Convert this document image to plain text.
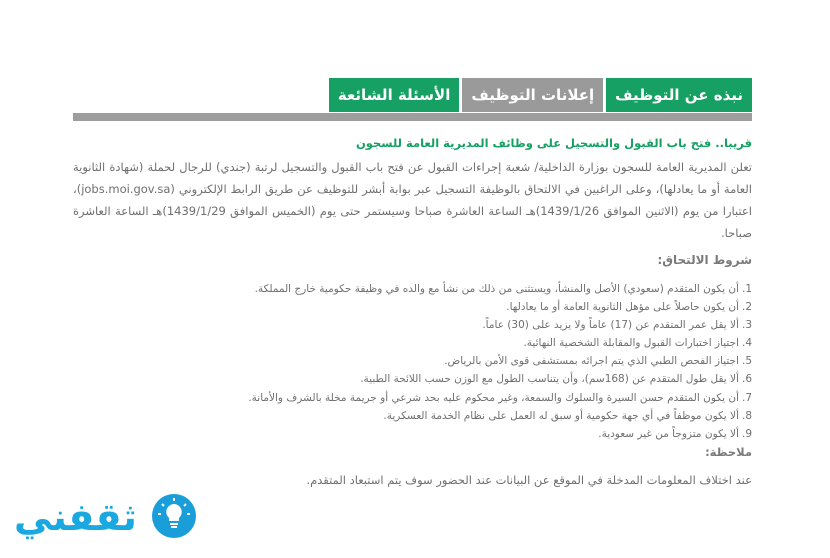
نبذه عن التوظيف
إعلانات التوظيف
الأسئلة الشائعة
قريبا.. فتح باب القبول والتسجيل على وظائف المديرية العامة للسجون

تعلن المديرية العامة للسجون بوزارة الداخلية/ شعبة إجراءات القبول عن فتح باب القبول والتسجيل لرتبة (جندي) للرجال لحملة (شهادة الثانوية العامة أو ما يعادلها)، وعلى الراغبين في الالتحاق بالوظيفة التسجيل عبر بوابة أبشر للتوظيف عن طريق الرابط الإلكتروني (jobs.moi.gov.sa)، اعتبارا من يوم (الاثنين الموافق 1439/1/26)هـ الساعة العاشرة صباحا وسيستمر حتى يوم (الخميس الموافق 1439/1/29)هـ الساعة العاشرة صباحا.

شروط الالتحاق:
1.
أن يكون المتقدم (سعودي) الأصل والمنشأ، ويستثنى من ذلك من نشأ مع والده في وظيفة حكومية خارج المملكة.
2.
أن يكون حاصلاً على مؤهل الثانوية العامة أو ما يعادلها.
3.
ألا يقل عمر المتقدم عن (17) عاماً ولا يزيد على (30) عاماً.
4.
اجتياز اختبارات القبول والمقابلة الشخصية النهائية.
5.
اجتياز الفحص الطبي الذي يتم اجرائه بمستشفى قوى الأمن بالرياض.
6.
ألا يقل طول المتقدم عن (168سم)، وأن يتناسب الطول مع الوزن حسب اللائحة الطبية.
7.
أن يكون المتقدم حسن السيرة والسلوك والسمعة، وغير محكوم عليه بحد شرعي أو جريمة مخلة بالشرف والأمانة.
8.
ألا يكون موظفاً في أي جهة حكومية أو سبق له العمل على نظام الخدمة العسكرية.
9.
ألا يكون متزوجاً من غير سعودية.
ملاحظة:

عند اختلاف المعلومات المدخلة في الموقع عن البيانات عند الحضور سوف يتم استبعاد المتقدم.

ثقفني
